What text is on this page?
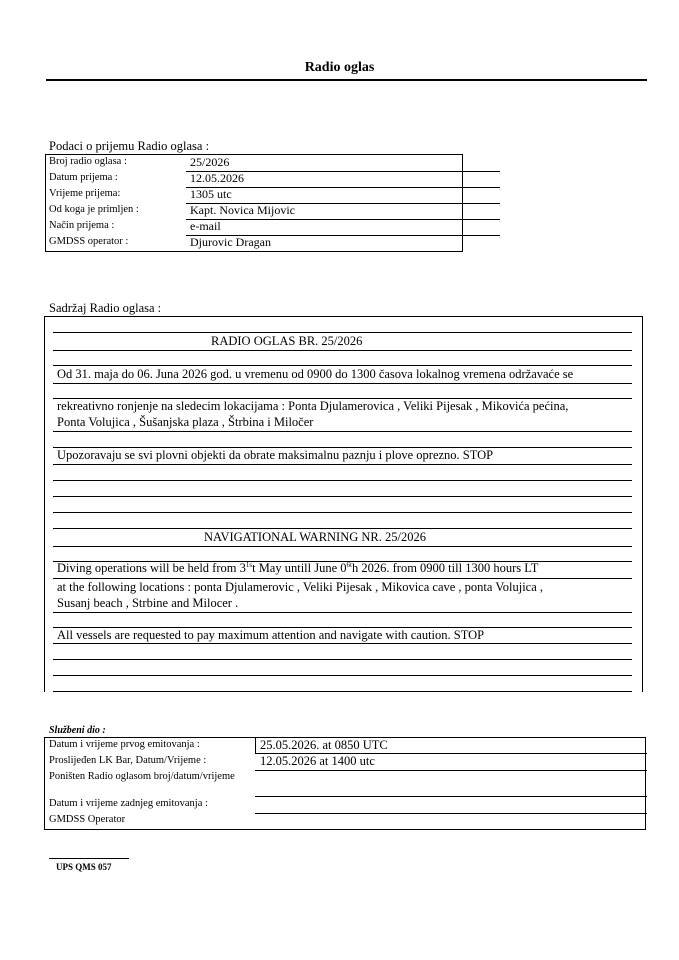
Radio oglas
Podaci o prijemu Radio oglasa :
Broj radio oglasa :	25/2026
Datum prijema :	12.05.2026
Vrijeme prijema:	1305 utc
Od koga je primljen :	Kapt. Novica Mijovic
Način prijema :	e-mail
GMDSS operator :	Djurovic Dragan
Sadržaj Radio oglasa :
RADIO OGLAS BR. 25/2026
Od 31. maja do 06. Juna 2026 god. u vremenu od 0900 do 1300 časova lokalnog vremena održavaće se
rekreativno ronjenje na sledecim lokacijama : Ponta Djulamerovica , Veliki Pijesak , Mikovića pećina,
Ponta Volujica , Šušanjska plaza , Štrbina i Miločer
Upozoravaju se svi plovni objekti da obrate maksimalnu paznju i plove oprezno. STOP
NAVIGATIONAL WARNING NR. 25/2026
Diving operations will be held from $3^{1s}t$ May untill June $0^{6t}h$ 2026. from 0900 till 1300 hours LT
at the following locations : ponta Djulamerovic , Veliki Pijesak , Mikovica cave , ponta Volujica ,
Susanj beach , Strbine and Milocer .
All vessels are requested to pay maximum attention and navigate with caution. STOP
Službeni dio :
Datum i vrijeme prvog emitovanja :	25.05.2026. at 0850 UTC
Proslijeđen LK Bar, Datum/Vrijeme :	12.05.2026 at 1400 utc
Poništen Radio oglasom broj/datum/vrijeme
Datum i vrijeme zadnjeg emitovanja :
GMDSS Operator
UPS QMS 057
